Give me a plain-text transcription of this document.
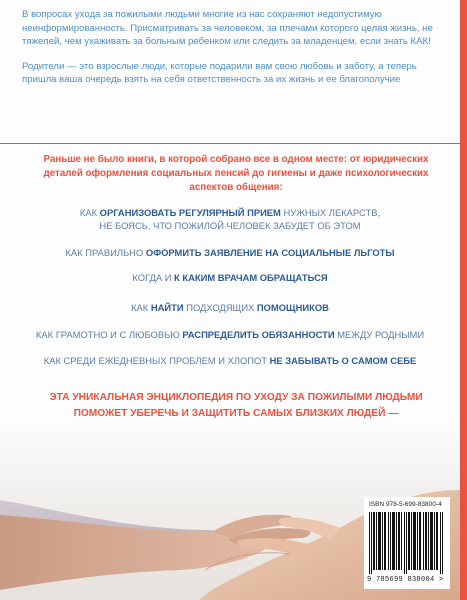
В вопросах ухода за пожилыми людьми многие из нас сохраняют недопустимую неинформированность. Присматривать за человеком, за плечами которого целая жизнь, не тяжелей, чем ухаживать за больным ребенком или следить за младенцем, если знать КАК!

Родители — это взрослые люди, которые подарили вам свою любовь и заботу, а теперь пришла ваша очередь взять на себя ответственность за их жизнь и ее благополучие

Раньше не было книги, в которой собрано все в одном месте: от юридических деталей оформления социальных пенсий до гигиены и даже психологических аспектов общения:
КАК ОРГАНИЗОВАТЬ РЕГУЛЯРНЫЙ ПРИЕМ НУЖНЫХ ЛЕКАРСТВ,
НЕ БОЯСЬ, ЧТО ПОЖИЛОЙ ЧЕЛОВЕК ЗАБУДЕТ ОБ ЭТОМ
КАК ПРАВИЛЬНО ОФОРМИТЬ ЗАЯВЛЕНИЕ НА СОЦИАЛЬНЫЕ ЛЬГОТЫ
КОГДА И К КАКИМ ВРАЧАМ ОБРАЩАТЬСЯ
КАК НАЙТИ ПОДХОДЯЩИХ ПОМОЩНИКОВ
КАК ГРАМОТНО И С ЛЮБОВЬЮ РАСПРЕДЕЛИТЬ ОБЯЗАННОСТИ МЕЖДУ РОДНЫМИ
КАК СРЕДИ ЕЖЕДНЕВНЫХ ПРОБЛЕМ И ХЛОПОТ НЕ ЗАБЫВАТЬ О САМОМ СЕБЕ
ЭТА УНИКАЛЬНАЯ ЭНЦИКЛОПЕДИЯ ПО УХОДУ ЗА ПОЖИЛЫМИ ЛЮДЬМИ
ПОМОЖЕТ УБЕРЕЧЬ И ЗАЩИТИТЬ САМЫХ БЛИЗКИХ ЛЮДЕЙ —
ISBN 978-5-699-83800-4
9 785699 838004 >
